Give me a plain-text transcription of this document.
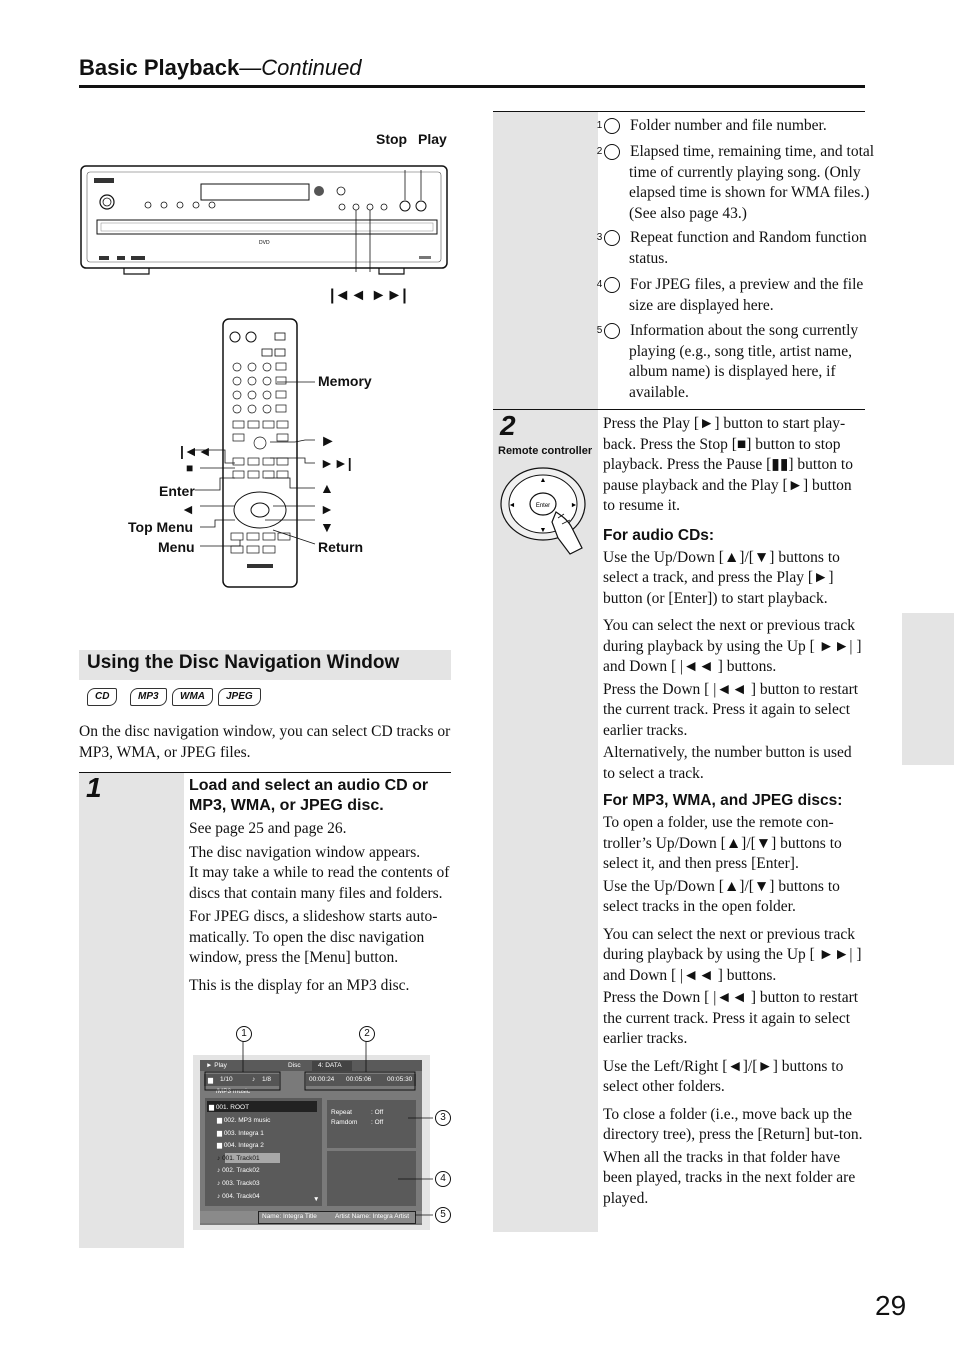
Basic Playback—Continued
29
DVD
Stop Play
|◄◄ ►►|
Memory
|◄◄
■
Enter
◄
Top Menu
Menu
►
►►|
▲
►
▼
Return
Using the Disc Navigation Window
CD	MP3	WMA	JPEG
On the disc navigation window, you can select CD tracks or MP3, WMA, or JPEG files.
1	Load and select an audio CD or MP3, WMA, or JPEG disc.
See page 25 and page 26.
The disc navigation window appears.
It may take a while to read the contents of discs that contain many files and folders.
For JPEG discs, a slideshow starts auto-matically. To open the disc navigation window, press the [Menu] button.
This is the display for an MP3 disc.
► Play	Disc	4: DATA
▆ 1/10	♪ 1/8	00:00:24 00:05:06 00:05:30
/MP3 music
▆ 001. ROOT
▆ 002. MP3 music
▆ 003. Integra 1
▆ 004. Integra 2
♪ 001. Track01
♪ 002. Track02
♪ 003. Track03
♪ 004. Track04	▼
Repeat	: Off
Ramdom : Off
Name: Integra Title	Artist Name: Integra Artist
1	2
3
4
5
1 Folder number and file number.
2 Elapsed time, remaining time, and total time of currently playing song. (Only elapsed time is shown for WMA files.) (See also page 43.)
3 Repeat function and Random function status.
4 For JPEG files, a preview and the file size are displayed here.
5 Information about the song currently playing (e.g., song title, artist name, album name) is displayed here, if available.
2
Remote controller
Enter
▲
▼
◄	►
Press the Play [►] button to start play-back. Press the Stop [■] button to stop playback. Press the Pause [▮▮] button to pause playback and the Play [►] button to resume it.
For audio CDs:
Use the Up/Down [▲]/[▼] buttons to select a track, and press the Play [►] button (or [Enter]) to start playback.
You can select the next or previous track during playback by using the Up [ ►►| ] and Down [ |◄◄ ] buttons.
Press the Down [ |◄◄ ] button to restart the current track. Press it again to select earlier tracks.
Alternatively, the number button is used to select a track.
For MP3, WMA, and JPEG discs:
To open a folder, use the remote con-troller’s Up/Down [▲]/[▼] buttons to select it, and then press [Enter].
Use the Up/Down [▲]/[▼] buttons to select tracks in the open folder.
You can select the next or previous track during playback by using the Up [ ►►| ] and Down [ |◄◄ ] buttons.
Press the Down [ |◄◄ ] button to restart the current track. Press it again to select earlier tracks.
Use the Left/Right [◄]/[►] buttons to select other folders.
To close a folder (i.e., move back up the directory tree), press the [Return] but-ton.
When all the tracks in that folder have been played, tracks in the next folder are played.
